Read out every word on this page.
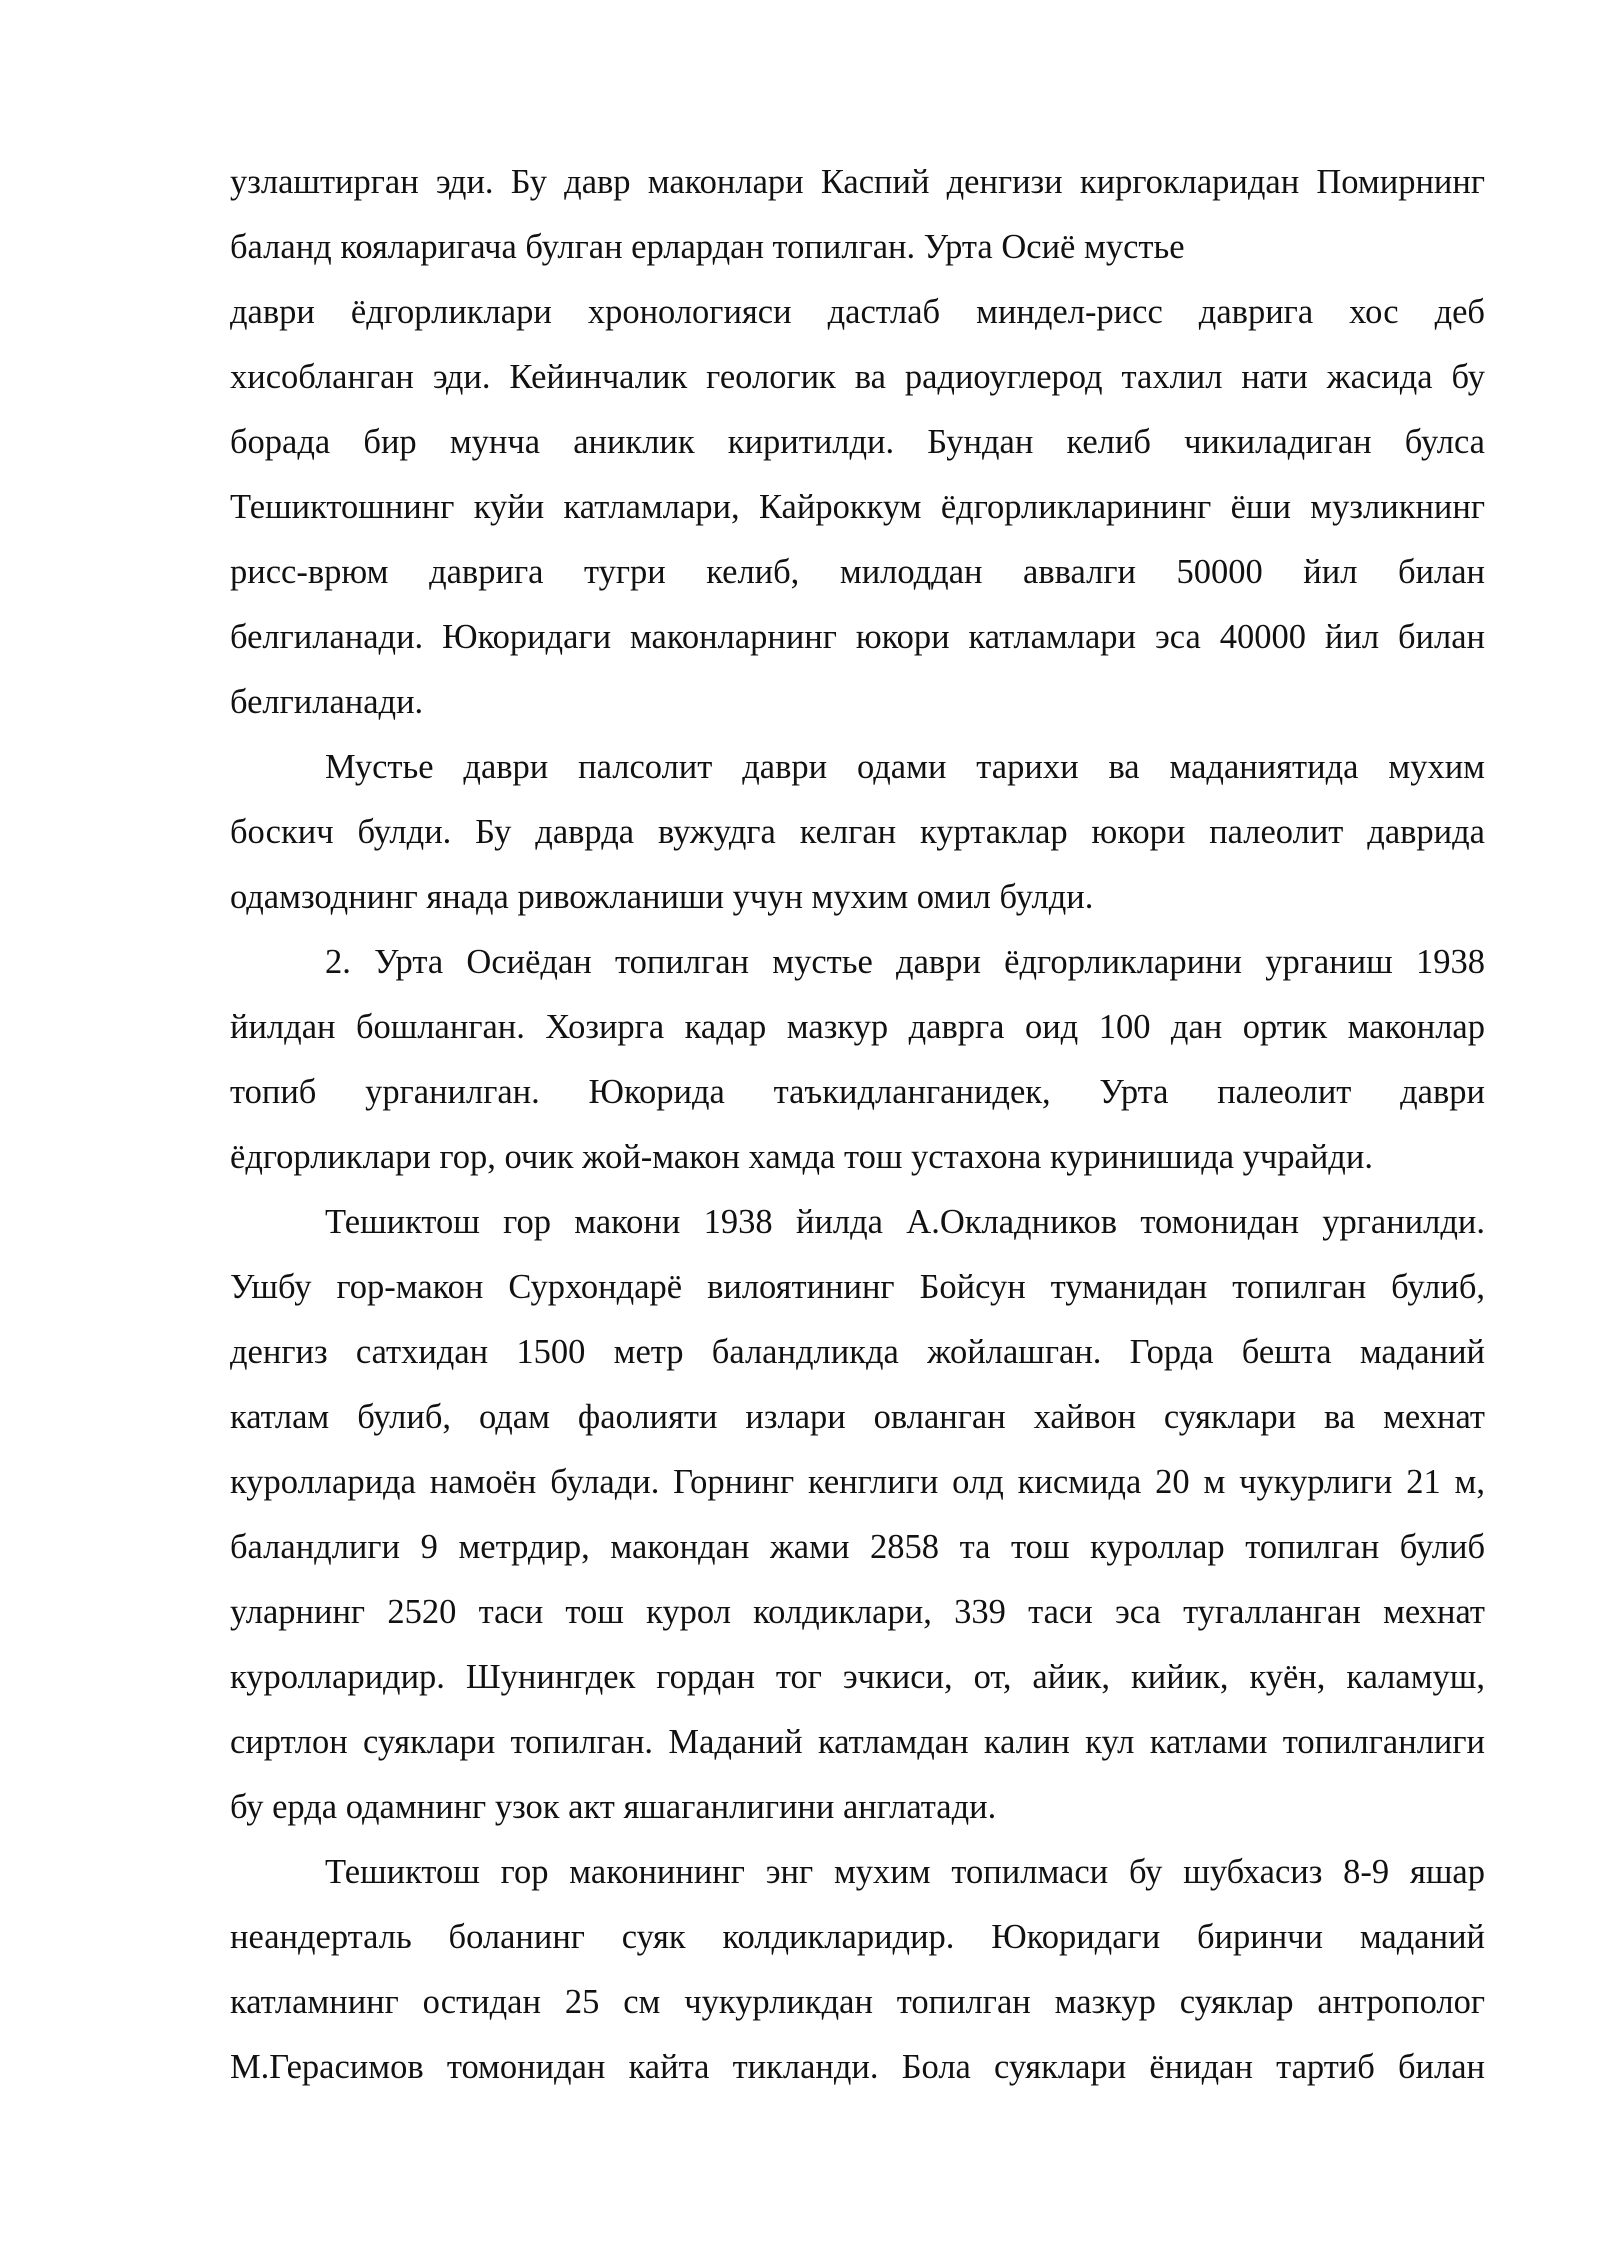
узлаштирган эди. Бу давр маконлари Каспий денгизи киргокларидан Помирнинг
баланд кояларигача булган ерлардан топилган. Урта Осиё мустье
даври ёдгорликлари хронологияси дастлаб миндел-рисс даврига хос деб
хисобланган эди. Кейинчалик геологик ва радиоуглерод тахлил нати жасида бу
борада бир мунча аниклик киритилди. Бундан келиб чикиладиган булса
Тешиктошнинг куйи катламлари, Кайроккум ёдгорликларининг ёши музликнинг
рисс-врюм даврига тугри келиб, милоддан аввалги 50000 йил билан
белгиланади. Юкоридаги маконларнинг юкори катламлари эса 40000 йил билан
белгиланади.
Мустье даври палсолит даври одами тарихи ва маданиятида мухим
боскич булди. Бу даврда вужудга келган куртаклар юкори палеолит даврида
одамзоднинг янада ривожланиши учун мухим омил булди.
2. Урта Осиёдан топилган мустье даври ёдгорликларини урганиш 1938
йилдан бошланган. Хозирга кадар мазкур даврга оид 100 дан ортик маконлар
топиб урганилган. Юкорида таъкидланганидек, Урта палеолит даври
ёдгорликлари гор, очик жой-макон хамда тош устахона куринишида учрайди.
Тешиктош гор макони 1938 йилда А.Окладников томонидан урганилди.
Ушбу гор-макон Сурхондарё вилоятининг Бойсун туманидан топилган булиб,
денгиз сатхидан 1500 метр баландликда жойлашган. Горда бешта маданий
катлам булиб, одам фаолияти излари овланган хайвон суяклари ва мехнат
куролларида намоён булади. Горнинг кенглиги олд кисмида 20 м чукурлиги 21 м,
баландлиги 9 метрдир, макондан жами 2858 та тош куроллар топилган булиб
уларнинг 2520 таси тош курол колдиклари, 339 таси эса тугалланган мехнат
куролларидир. Шунингдек гордан тог эчкиси, от, айик, кийик, куён, каламуш,
сиртлон суяклари топилган. Маданий катламдан калин кул катлами топилганлиги
бу ерда одамнинг узок акт яшаганлигини англатади.
Тешиктош гор маконининг энг мухим топилмаси бу шубхасиз 8-9 яшар
неандерталь боланинг суяк колдикларидир. Юкоридаги биринчи маданий
катламнинг остидан 25 см чукурликдан топилган мазкур суяклар антрополог
М.Герасимов томонидан кайта тикланди. Бола суяклари ёнидан тартиб билан
